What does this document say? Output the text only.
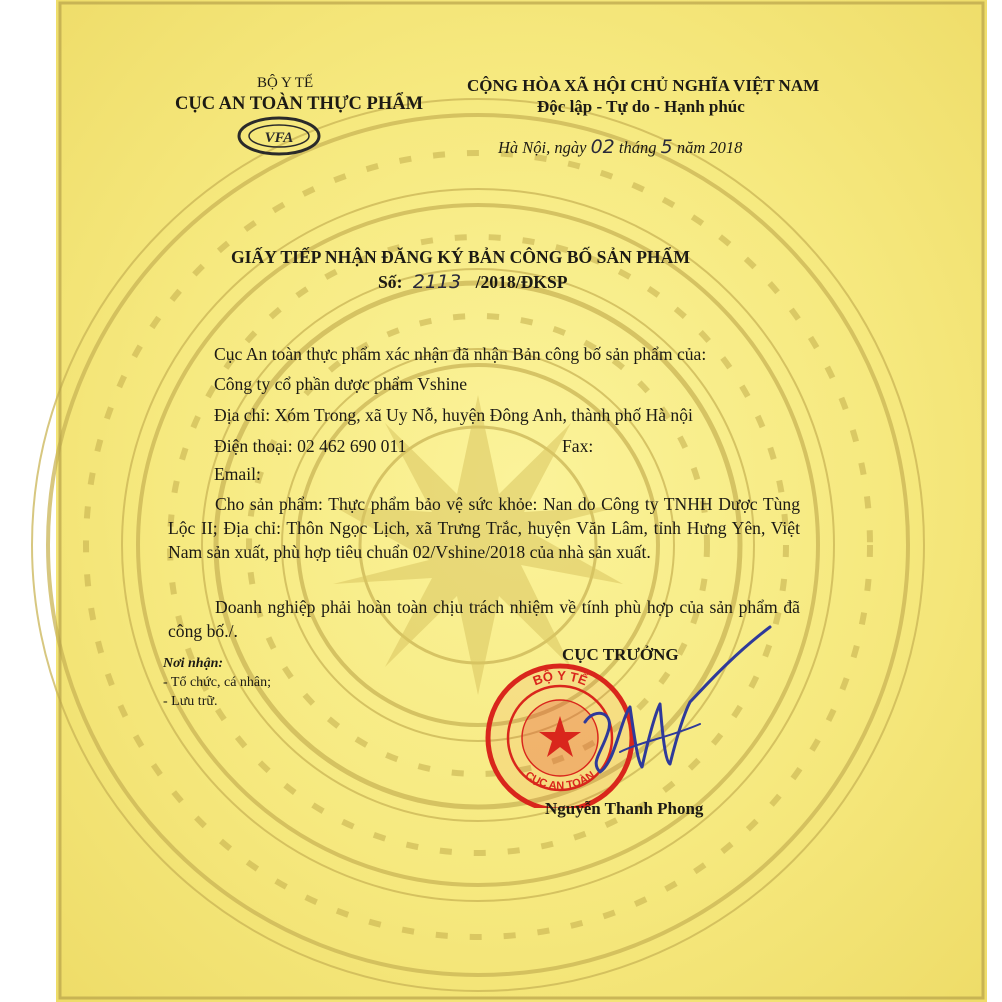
BỘ Y TẾ
CỤC AN TOÀN THỰC PHẨM
VFA
CỘNG HÒA XÃ HỘI CHỦ NGHĨA VIỆT NAM
Độc lập - Tự do - Hạnh phúc
Hà Nội, ngày 02 tháng 5 năm 2018
GIẤY TIẾP NHẬN ĐĂNG KÝ BẢN CÔNG BỐ SẢN PHẨM
Số: 2113 /2018/ĐKSP
Cục An toàn thực phẩm xác nhận đã nhận Bản công bố sản phẩm của:
Công ty cổ phần dược phẩm Vshine
Địa chỉ: Xóm Trong, xã Uy Nỗ, huyện Đông Anh, thành phố Hà nội
Điện thoại: 02 462 690 011	Fax:
Email:
Cho sản phẩm: Thực phẩm bảo vệ sức khỏe: Nan do Công ty TNHH Dược Tùng Lộc II; Địa chỉ: Thôn Ngọc Lịch, xã Trưng Trắc, huyện Văn Lâm, tỉnh Hưng Yên, Việt Nam sản xuất, phù hợp tiêu chuẩn 02/Vshine/2018 của nhà sản xuất.
Doanh nghiệp phải hoàn toàn chịu trách nhiệm về tính phù hợp của sản phẩm đã công bố./.
Nơi nhận:
- Tổ chức, cá nhân;
- Lưu trữ.
CỤC TRƯỞNG
BỘ Y TẾ
CỤC AN TOÀN
Nguyễn Thanh Phong
